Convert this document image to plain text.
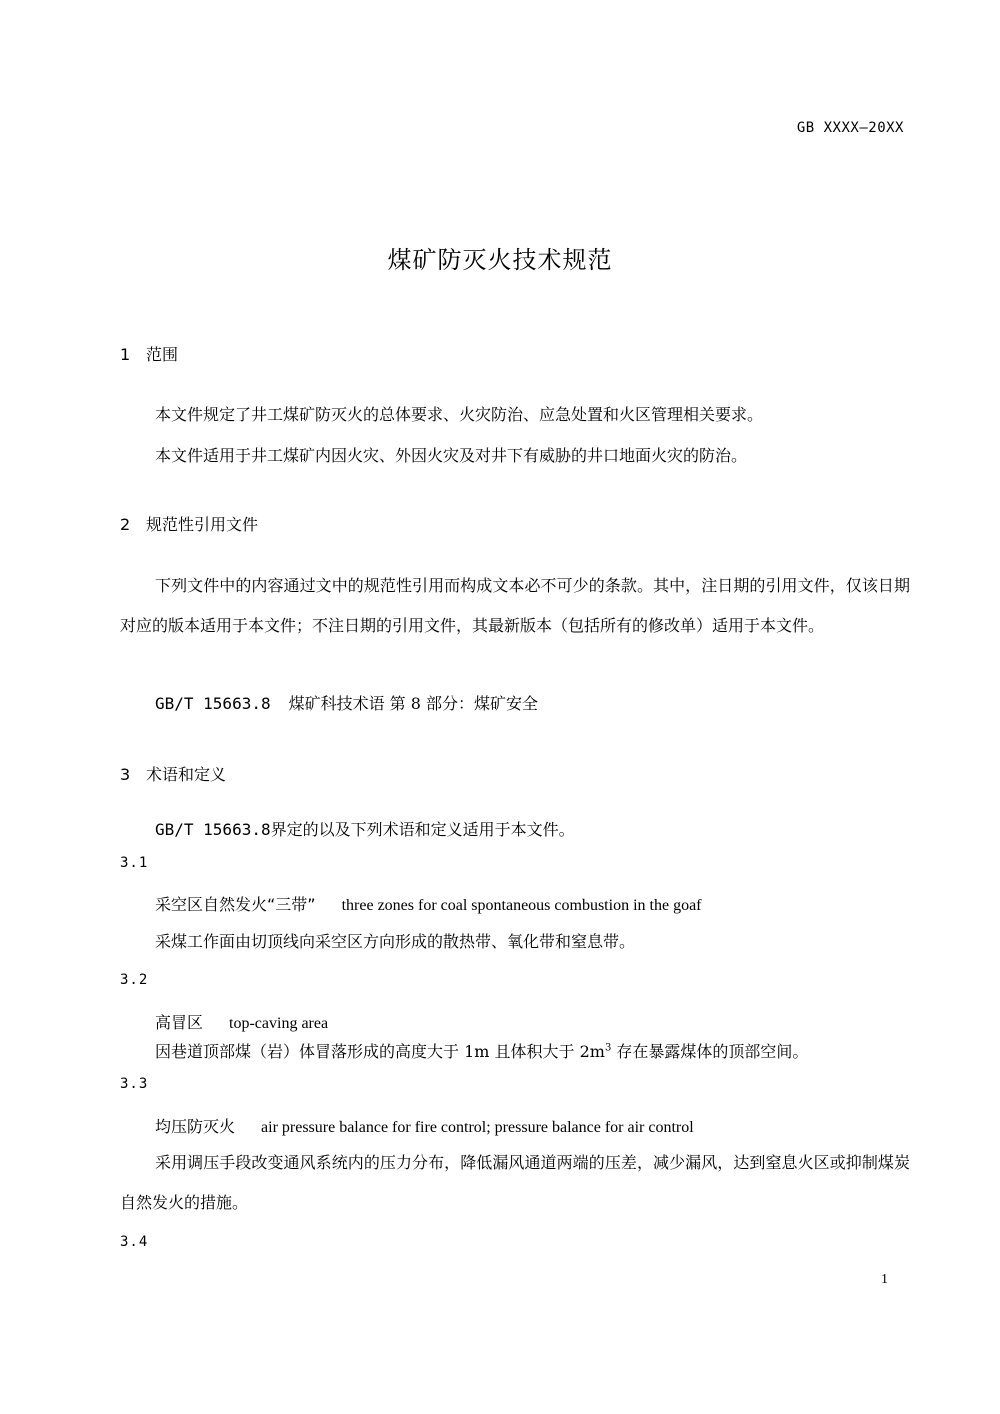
GB XXXX—20XX
煤矿防灭火技术规范
1 范围
本文件规定了井工煤矿防灭火的总体要求、火灾防治、应急处置和火区管理相关要求。
本文件适用于井工煤矿内因火灾、外因火灾及对井下有威胁的井口地面火灾的防治。
2 规范性引用文件
下列文件中的内容通过文中的规范性引用而构成文本必不可少的条款。其中，注日期的引用文件，仅该日期对应的版本适用于本文件；不注日期的引用文件，其最新版本（包括所有的修改单）适用于本文件。
GB/T 15663.8 煤矿科技术语 第 8 部分：煤矿安全
3 术语和定义
GB/T 15663.8界定的以及下列术语和定义适用于本文件。
3.1
采空区自然发火“三带” three zones for coal spontaneous combustion in the goaf
采煤工作面由切顶线向采空区方向形成的散热带、氧化带和窒息带。
3.2
高冒区 top-caving area
因巷道顶部煤（岩）体冒落形成的高度大于 1m 且体积大于 $2m^3$ 存在暴露煤体的顶部空间。
3.3
均压防灭火 air pressure balance for fire control; pressure balance for air control
采用调压手段改变通风系统内的压力分布，降低漏风通道两端的压差，减少漏风，达到窒息火区或抑制煤炭自然发火的措施。
3.4
1
